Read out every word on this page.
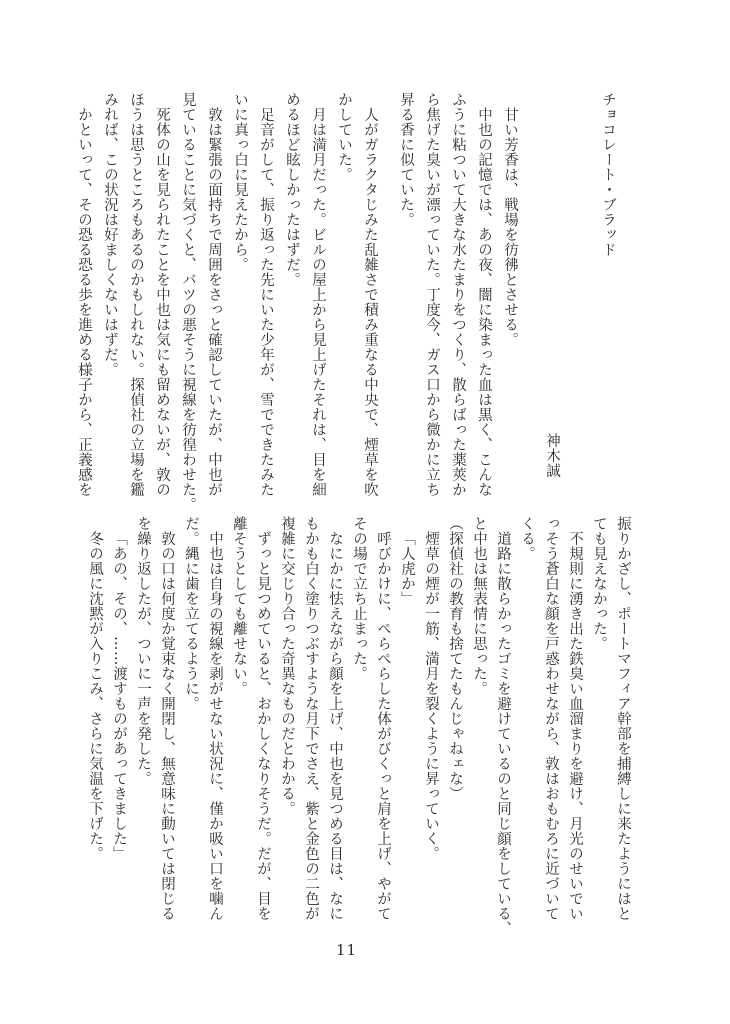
チョコレート・ブラッド

神木誠

甘い芳香は、戦場を彷彿とさせる。

中也の記憶では、あの夜、闇に染まった血は黒く、こんな

ふうに粘ついて大きな水たまりをつくり、散らばった薬莢か

ら焦げた臭いが漂っていた。丁度今、ガス口から微かに立ち

昇る香に似ていた。

人がガラクタじみた乱雑さで積み重なる中央で、煙草を吹

かしていた。

月は満月だった。ビルの屋上から見上げたそれは、目を細

めるほど眩しかったはずだ。

足音がして、振り返った先にいた少年が、雪でできたみた

いに真っ白に見えたから。

敦は緊張の面持ちで周囲をさっと確認していたが、中也が

見ていることに気づくと、バツの悪そうに視線を彷徨わせた。

死体の山を見られたことを中也は気にも留めないが、敦の

ほうは思うところもあるのかもしれない。探偵社の立場を鑑

みれば、この状況は好ましくないはずだ。

かといって、その恐る恐る歩を進める様子から、正義感を

振りかざし、ポートマフィア幹部を捕縛しに来たようにはと

ても見えなかった。

不規則に湧き出た鉄臭い血溜まりを避け、月光のせいでい

っそう蒼白な顔を戸惑わせながら、敦はおもむろに近づいて

くる。

道路に散らかったゴミを避けているのと同じ顔をしている、

と中也は無表情に思った。

（探偵社の教育も捨てたもんじゃねェな）

煙草の煙が一筋、満月を裂くように昇っていく。

「人虎か」

呼びかけに、ぺらぺらした体がびくっと肩を上げ、やがて

その場で立ち止まった。

なにかに怯えながら顔を上げ、中也を見つめる目は、なに

もかも白く塗りつぶすような月下でさえ、紫と金色の二色が

複雑に交じり合った奇異なものだとわかる。

ずっと見つめていると、おかしくなりそうだ。だが、目を

離そうとしても離せない。

中也は自身の視線を剥がせない状況に、僅か吸い口を噛ん

だ。縄に歯を立てるように。

敦の口は何度か覚束なく開閉し、無意味に動いては閉じる

を繰り返したが、ついに一声を発した。

「あの、その、……渡すものがあってきました」

冬の風に沈黙が入りこみ、さらに気温を下げた。

11
